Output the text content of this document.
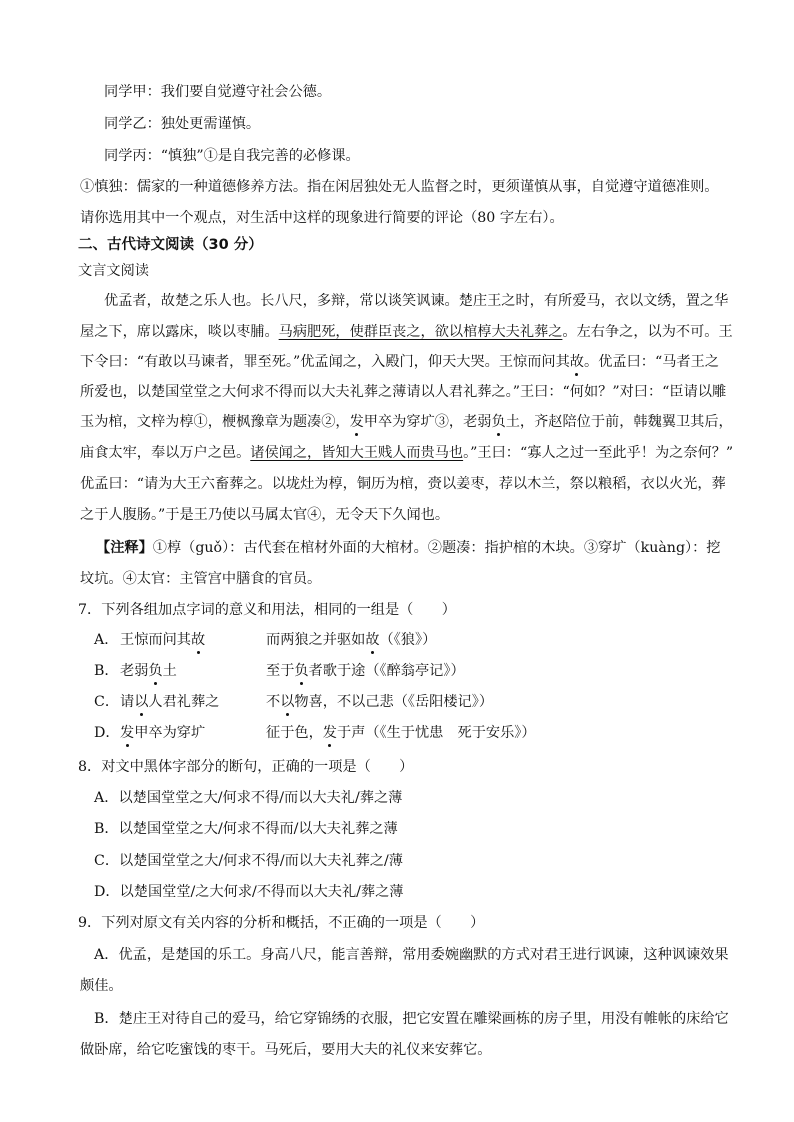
同学甲：我们要自觉遵守社会公德。
同学乙：独处更需谨慎。
同学丙：“慎独”①是自我完善的必修课。
①慎独：儒家的一种道德修养方法。指在闲居独处无人监督之时，更须谨慎从事，自觉遵守道德准则。
请你选用其中一个观点，对生活中这样的现象进行简要的评论（80 字左右）。
二、古代诗文阅读（30 分）
文言文阅读
优孟者，故楚之乐人也。长八尺，多辩，常以谈笑讽谏。楚庄王之时，有所爱马，衣以文绣，置之华
屋之下，席以露床，啖以枣脯。马病肥死，使群臣丧之，欲以棺椁大夫礼葬之。左右争之，以为不可。王
下令曰：“有敢以马谏者，罪至死。”优孟闻之，入殿门，仰天大哭。王惊而问其故。优孟曰：“马者王之
所爱也，以楚国堂堂之大何求不得而以大夫礼葬之薄请以人君礼葬之。”王曰：“何如？”对曰：“臣请以雕
玉为棺，文梓为椁①，楩枫豫章为题凑②，发甲卒为穿圹③，老弱负土，齐赵陪位于前，韩魏翼卫其后，
庙食太牢，奉以万户之邑。诸侯闻之，皆知大王贱人而贵马也。”王曰：“寡人之过一至此乎！为之奈何？”
优孟曰：“请为大王六畜葬之。以垅灶为椁，铜历为棺，赍以姜枣，荐以木兰，祭以粮稻，衣以火光，葬
之于人腹肠。”于是王乃使以马属太官④，无令天下久闻也。
【注释】①椁（guǒ）：古代套在棺材外面的大棺材。②题凑：指护棺的木块。③穿圹（kuàng）：挖
坟坑。④太官：主管宫中膳食的官员。
7．下列各组加点字词的意义和用法，相同的一组是（　　）
A． 王惊而问其故	而两狼之并驱如故（《狼》）
B． 老弱负土	至于负者歌于途（《醉翁亭记》）
C． 请以人君礼葬之	不以物喜，不以己悲（《岳阳楼记》）
D． 发甲卒为穿圹	征于色，发于声（《生于忧患　死于安乐》）
8．对文中黑体字部分的断句，正确的一项是（　　）
A．以楚国堂堂之大/何求不得/而以大夫礼/葬之薄
B．以楚国堂堂之大/何求不得而/以大夫礼葬之薄
C．以楚国堂堂之大/何求不得/而以大夫礼葬之/薄
D．以楚国堂堂/之大何求/不得而以大夫礼/葬之薄
9．下列对原文有关内容的分析和概括，不正确的一项是（　　）
A．优孟，是楚国的乐工。身高八尺，能言善辩，常用委婉幽默的方式对君王进行讽谏，这种讽谏效果
颇佳。
B．楚庄王对待自己的爱马，给它穿锦绣的衣服，把它安置在雕梁画栋的房子里，用没有帷帐的床给它
做卧席，给它吃蜜饯的枣干。马死后，要用大夫的礼仪来安葬它。
